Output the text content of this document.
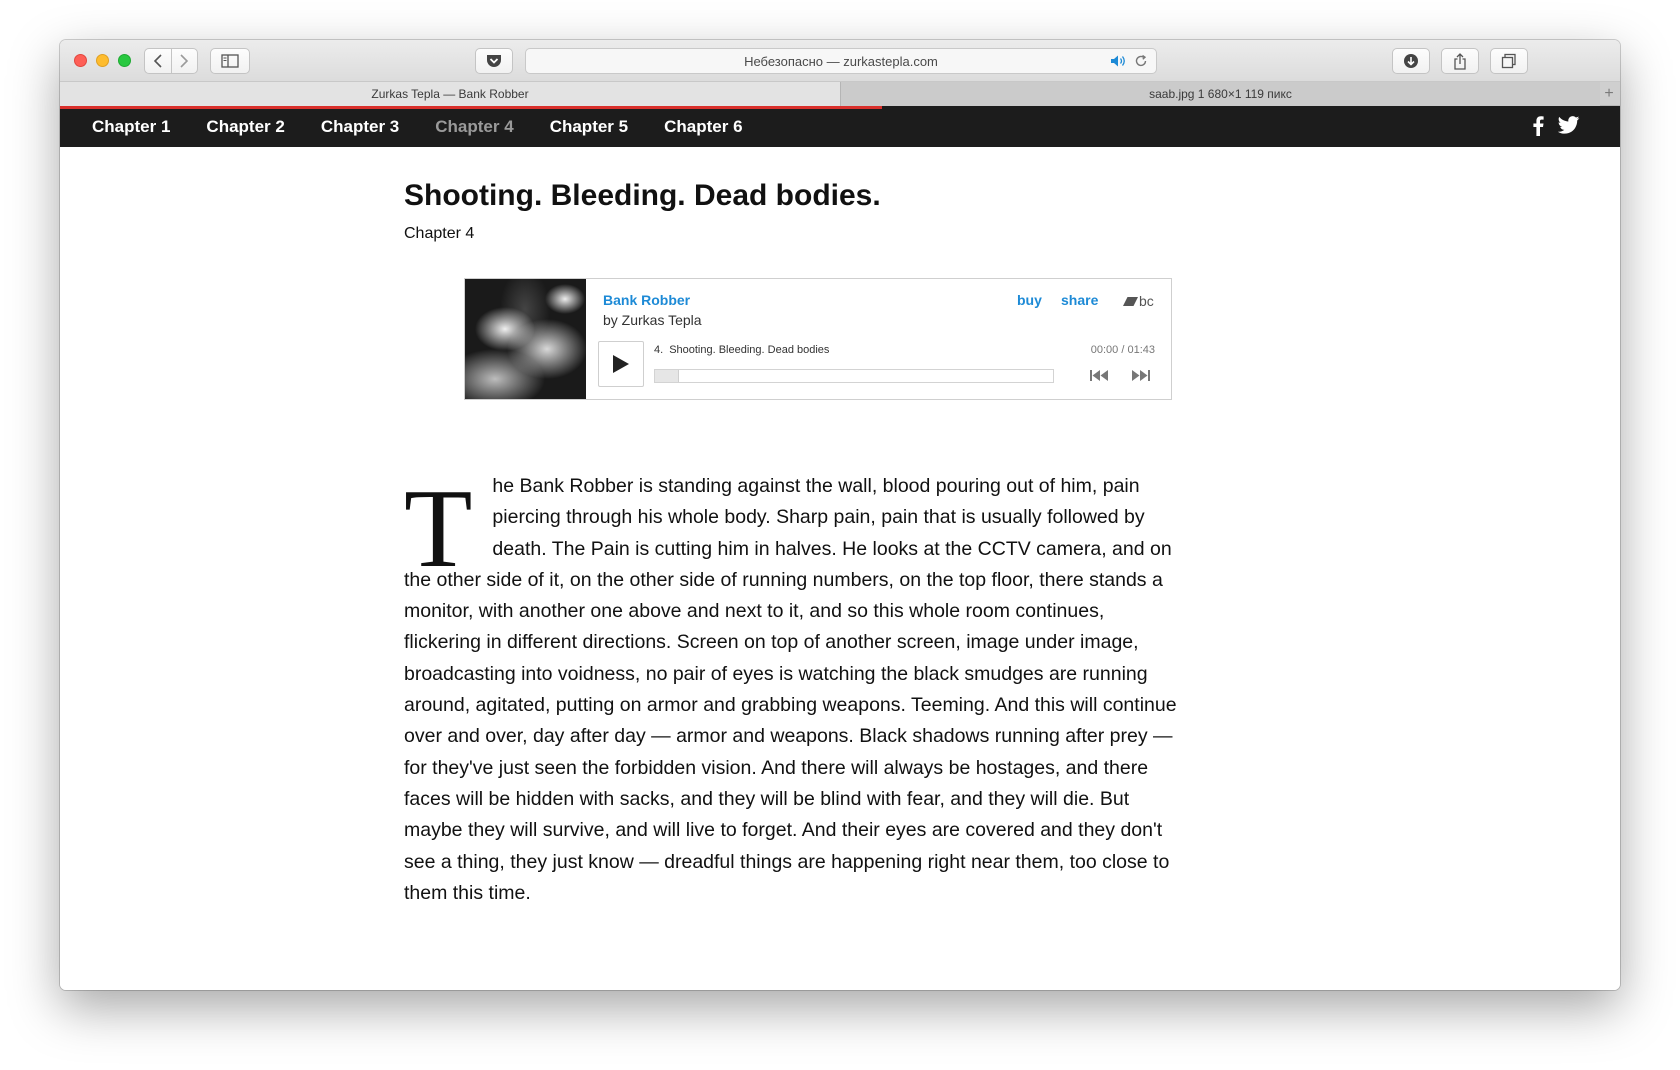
Небезопасно — zurkastepla.com
Zurkas Tepla — Bank Robber	saab.jpg 1 680×1 119 пикс	+
Chapter 1 Chapter 2 Chapter 3 Chapter 4 Chapter 5 Chapter 6
Shooting. Bleeding. Dead bodies.
Chapter 4
Bank Robber
by Zurkas Tepla
buy share	bc
4. Shooting. Bleeding. Dead bodies	00:00 / 01:43
T he Bank Robber is standing against the wall, blood pouring out of him, pain piercing through his whole body. Sharp pain, pain that is usually followed by death. The Pain is cutting him in halves. He looks at the CCTV camera, and on the other side of it, on the other side of running numbers, on the top floor, there stands a monitor, with another one above and next to it, and so this whole room continues, flickering in different directions. Screen on top of another screen, image under image, broadcasting into voidness, no pair of eyes is watching the black smudges are running around, agitated, putting on armor and grabbing weapons. Teeming. And this will continue over and over, day after day — armor and weapons. Black shadows running after prey — for they've just seen the forbidden vision. And there will always be hostages, and there faces will be hidden with sacks, and they will be blind with fear, and they will die. But maybe they will survive, and will live to forget. And their eyes are covered and they don't see a thing, they just know — dreadful things are happening right near them, too close to them this time.
